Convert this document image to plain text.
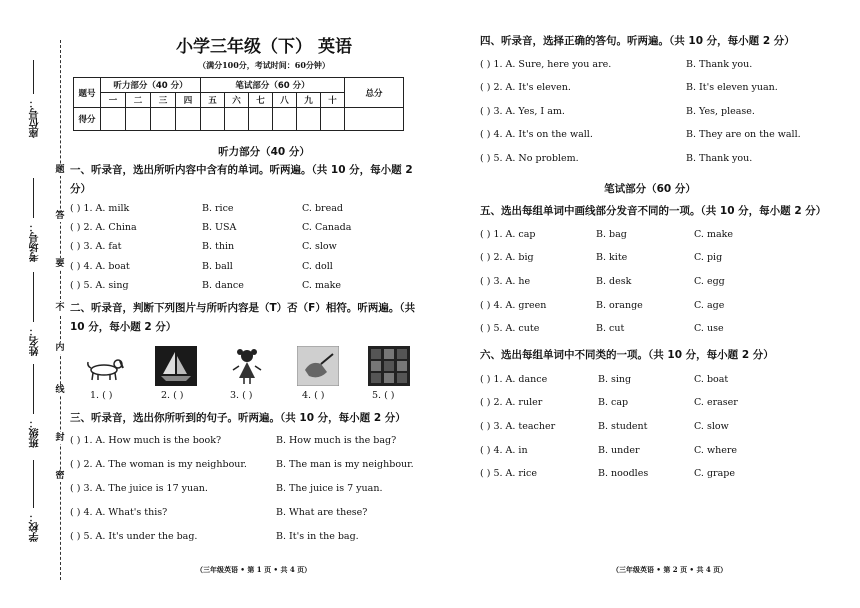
座位号：
考场号：
姓名：
班级：
学校：
题
答
要
不
内
线
封
密
小学三年级（下） 英语
（满分100分，考试时间：60分钟）
题号	听力部分（40 分）				笔试部分（60 分）						总分
	一	二	三	四	五	六	七	八	九	十	
得分											
听力部分（40 分）
一、听录音，选出所听内容中含有的单词。听两遍。（共 10 分，每小题 2
分）
( ) 1. A. milk	B. rice	C. bread
( ) 2. A. China	B. USA	C. Canada
( ) 3. A. fat	B. thin	C. slow
( ) 4. A. boat	B. ball	C. doll
( ) 5. A. sing	B. dance	C. make
二、听录音，判断下列图片与所听内容是（T）否（F）相符。听两遍。（共
10 分，每小题 2 分）
1. ( )	2. ( )	3. ( )	4. ( )	5. ( )
三、听录音，选出你所听到的句子。听两遍。（共 10 分，每小题 2 分）
( ) 1. A. How much is the book?	B. How much is the bag?
( ) 2. A. The woman is my neighbour.	B. The man is my neighbour.
( ) 3. A. The juice is 17 yuan.	B. The juice is 7 yuan.
( ) 4. A. What's this?	B. What are these?
( ) 5. A. It's under the bag.	B. It's in the bag.
（三年级英语 • 第 1 页 • 共 4 页）
四、听录音，选择正确的答句。听两遍。（共 10 分，每小题 2 分）
( ) 1. A. Sure, here you are.	B. Thank you.
( ) 2. A. It's eleven.	B. It's eleven yuan.
( ) 3. A. Yes, I am.	B. Yes, please.
( ) 4. A. It's on the wall.	B. They are on the wall.
( ) 5. A. No problem.	B. Thank you.
笔试部分（60 分）
五、选出每组单词中画线部分发音不同的一项。（共 10 分，每小题 2 分）
( ) 1. A. cap	B. bag	C. make
( ) 2. A. big	B. kite	C. pig
( ) 3. A. he	B. desk	C. egg
( ) 4. A. green	B. orange	C. age
( ) 5. A. cute	B. cut	C. use
六、选出每组单词中不同类的一项。（共 10 分，每小题 2 分）
( ) 1. A. dance	B. sing	C. boat
( ) 2. A. ruler	B. cap	C. eraser
( ) 3. A. teacher	B. student	C. slow
( ) 4. A. in	B. under	C. where
( ) 5. A. rice	B. noodles	C. grape
（三年级英语 • 第 2 页 • 共 4 页）
